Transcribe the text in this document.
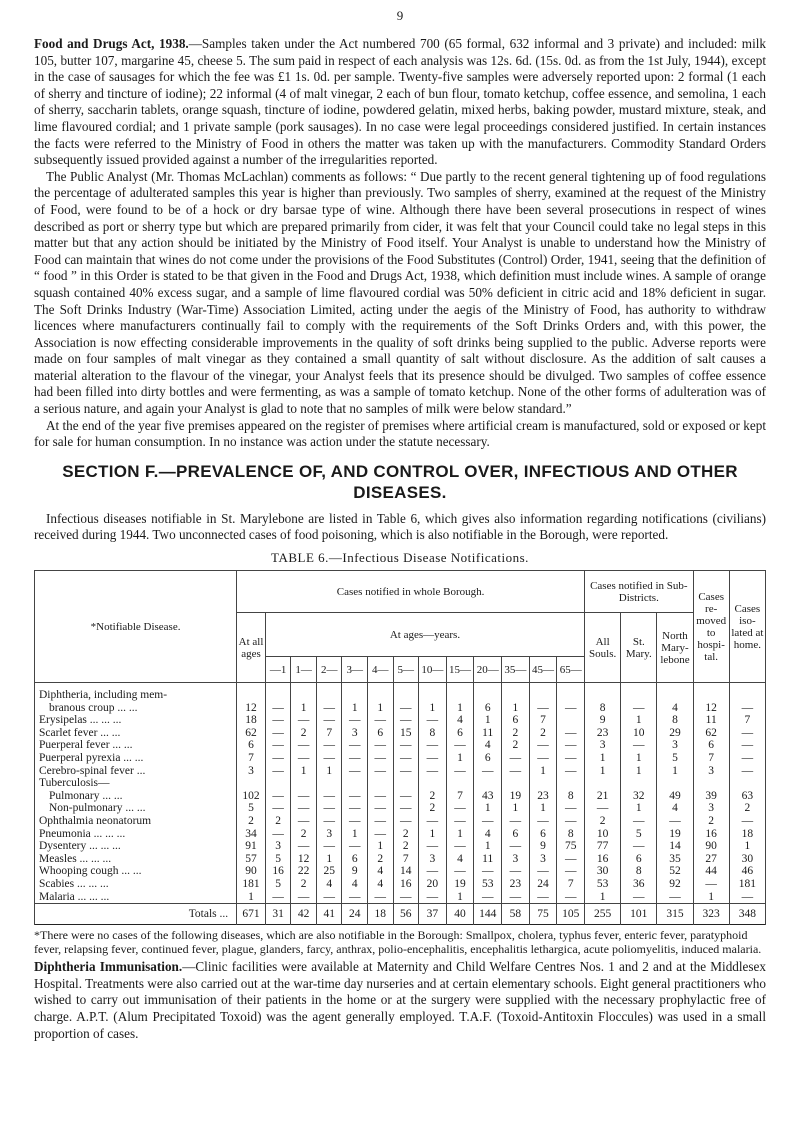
9

Food and Drugs Act, 1938.—Samples taken under the Act numbered 700 (65 formal, 632 informal and 3 private) and included: milk 105, butter 107, margarine 45, cheese 5. The sum paid in respect of each analysis was 12s. 6d. (15s. 0d. as from the 1st July, 1944), except in the case of sausages for which the fee was £1 1s. 0d. per sample. Twenty-five samples were adversely reported upon: 2 formal (1 each of sherry and tincture of iodine); 22 informal (4 of malt vinegar, 2 each of bun flour, tomato ketchup, coffee essence, and semolina, 1 each of sherry, saccharin tablets, orange squash, tincture of iodine, powdered gelatin, mixed herbs, baking powder, mustard mixture, steak, and lime flavoured cordial; and 1 private sample (pork sausages). In no case were legal proceedings considered justified. In certain instances the facts were referred to the Ministry of Food in others the matter was taken up with the manufacturers. Commodity Standard Orders subsequently issued provided against a number of the irregularities reported.

The Public Analyst (Mr. Thomas McLachlan) comments as follows: “ Due partly to the recent general tightening up of food regulations the percentage of adulterated samples this year is higher than previously. Two samples of sherry, examined at the request of the Ministry of Food, were found to be of a hock or dry barsae type of wine. Although there have been several prosecutions in respect of wines described as port or sherry type but which are prepared primarily from cider, it was felt that your Council could take no legal steps in this matter but that any action should be initiated by the Ministry of Food itself. Your Analyst is unable to understand how the Ministry of Food can maintain that wines do not come under the provisions of the Food Substitutes (Control) Order, 1941, seeing that the definition of “ food ” in this Order is stated to be that given in the Food and Drugs Act, 1938, which definition must include wines. A sample of orange squash contained 40% excess sugar, and a sample of lime flavoured cordial was 50% deficient in citric acid and 18% deficient in sugar. The Soft Drinks Industry (War-Time) Association Limited, acting under the aegis of the Ministry of Food, has authority to withdraw licences where manufacturers continually fail to comply with the requirements of the Soft Drinks Orders and, with this power, the Association is now effecting considerable improvements in the quality of soft drinks being supplied to the public. Adverse reports were made on four samples of malt vinegar as they contained a small quantity of salt without disclosure. As the addition of salt causes a material alteration to the flavour of the vinegar, your Analyst feels that its presence should be divulged. Two samples of coffee essence had been filled into dirty bottles and were fermenting, as was a sample of tomato ketchup. None of the other forms of adulteration was of a serious nature, and again your Analyst is glad to note that no samples of milk were below standard.”

At the end of the year five premises appeared on the register of premises where artificial cream is manufactured, sold or exposed or kept for sale for human consumption. In no instance was action under the statute necessary.

SECTION F.—PREVALENCE OF, AND CONTROL OVER, INFECTIOUS AND OTHER DISEASES.

Infectious diseases notifiable in St. Marylebone are listed in Table 6, which gives also information regarding notifications (civilians) received during 1944. Two unconnected cases of food poisoning, which is also notifiable in the Borough, were reported.

TABLE 6.—Infectious Disease Notifications.
*Notifiable Disease.	Cases notified in whole Borough.													Cases notified in Sub-Districts.			Cases re-moved to hospi-tal.	Cases iso-lated at home.
	At all ages	At ages—years.												All Souls.	St. Mary.	North Mary-lebone		
		—1	1—	2—	3—	4—	5—	10—	15—	20—	35—	45—	65—					

Diphtheria, including mem-																		
branous croup ... ...	12	—	1	—	1	1	—	1	1	6	1	—	—	8	—	4	12	—
Erysipelas ... ... ...	18	—	—	—	—	—	—	—	4	1	6	7		9	1	8	11	7
Scarlet fever ... ...	62	—	2	7	3	6	15	8	6	11	2	2	—	23	10	29	62	—
Puerperal fever ... ...	6	—	—	—	—	—	—	—	—	4	2	—	—	3	—	3	6	—
Puerperal pyrexia ... ...	7	—	—	—	—	—	—	—	1	6	—	—	—	1	1	5	7	—
Cerebro-spinal fever ...	3	—	1	1	—	—	—	—	—	—	—	1	—	1	1	1	3	—
Tuberculosis—																		
Pulmonary ... ...	102	—	—	—	—	—	—	2	7	43	19	23	8	21	32	49	39	63
Non-pulmonary ... ...	5	—	—	—	—	—	—	2	—	1	1	1	—	—	1	4	3	2
Ophthalmia neonatorum	2	2	—	—	—	—	—	—	—	—	—	—	—	2	—	—	2	—
Pneumonia ... ... ...	34	—	2	3	1	—	2	1	1	4	6	6	8	10	5	19	16	18
Dysentery ... ... ...	91	3	—	—	—	1	2	—	—	1	—	9	75	77	—	14	90	1
Measles ... ... ...	57	5	12	1	6	2	7	3	4	11	3	3	—	16	6	35	27	30
Whooping cough ... ...	90	16	22	25	9	4	14	—	—	—	—	—	—	30	8	52	44	46
Scabies ... ... ...	181	5	2	4	4	4	16	20	19	53	23	24	7	53	36	92	—	181
Malaria ... ... ...	1	—	—	—	—	—	—	—	1	—	—	—	—	1	—	—	1	—
Totals ...	671	31	42	41	24	18	56	37	40	144	58	75	105	255	101	315	323	348

*There were no cases of the following diseases, which are also notifiable in the Borough: Smallpox, cholera, typhus fever, enteric fever, paratyphoid fever, relapsing fever, continued fever, plague, glanders, farcy, anthrax, polio-encephalitis, encephalitis lethargica, acute poliomyelitis, induced malaria.

Diphtheria Immunisation.—Clinic facilities were available at Maternity and Child Welfare Centres Nos. 1 and 2 and at the Middlesex Hospital. Treatments were also carried out at the war-time day nurseries and at certain elementary schools. Eight general practitioners who wished to carry out immunisation of their patients in the home or at the surgery were supplied with the necessary prophylactic free of charge. A.P.T. (Alum Precipitated Toxoid) was the agent generally employed. T.A.F. (Toxoid-Antitoxin Floccules) was used in a small proportion of cases.
